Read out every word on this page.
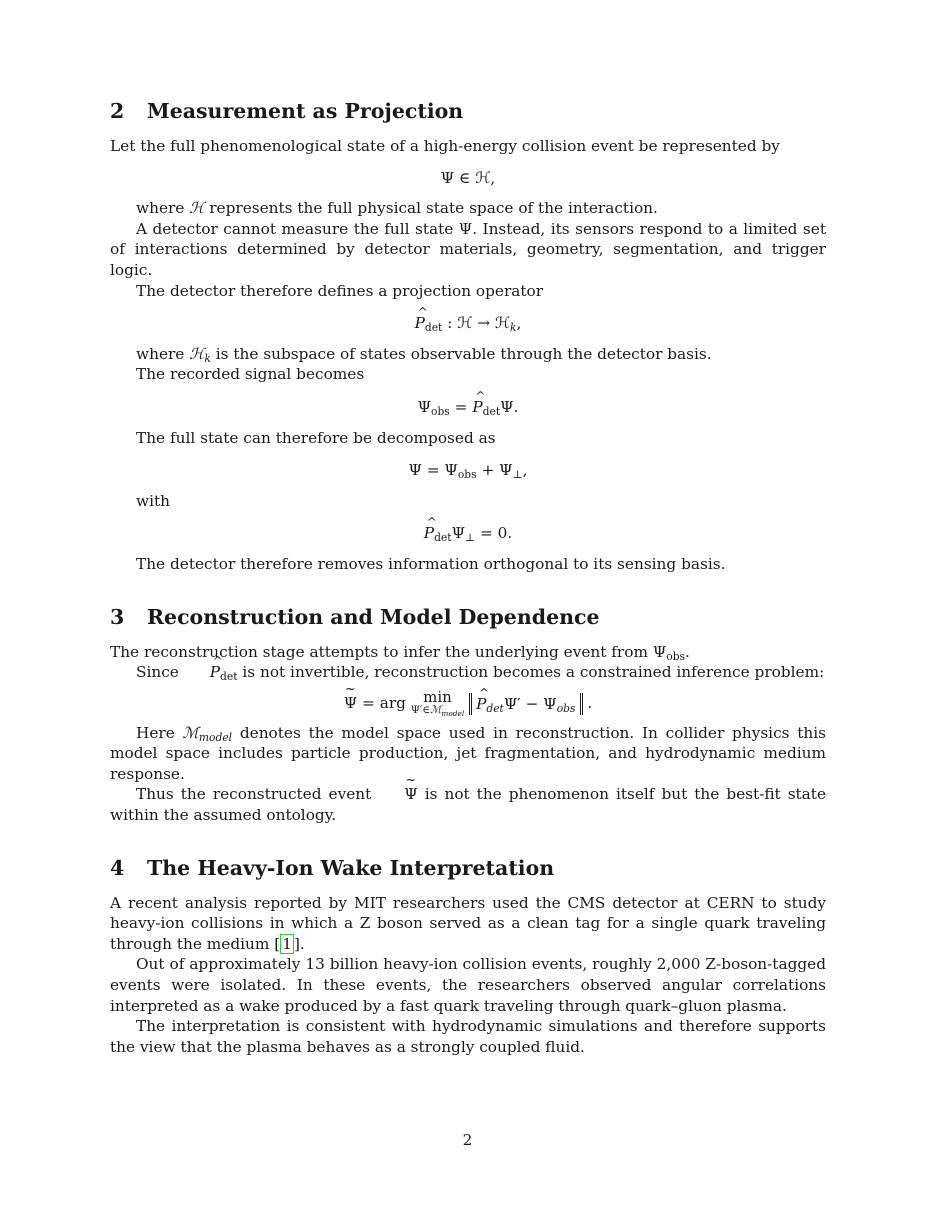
2 Measurement as Projection

Let the full phenomenological state of a high-energy collision event be represented by

Ψ ∈ ℋ,

where ℋ represents the full physical state space of the interaction.

A detector cannot measure the full state Ψ. Instead, its sensors respond to a limited set of interactions determined by detector materials, geometry, segmentation, and trigger logic.

The detector therefore defines a projection operator

^ $P_{det}$ : ℋ → ℋ$_k$,

where ℋ$_k$ is the subspace of states observable through the detector basis.

The recorded signal becomes

$\Psi_{obs}$ = ^ $P_{det}\Psi$.

The full state can therefore be decomposed as

$\Psi = \Psi_{obs} + \Psi_\perp$,

with

^ $P_{det}\Psi_\perp = 0$.

The detector therefore removes information orthogonal to its sensing basis.

3 Reconstruction and Model Dependence

The reconstruction stage attempts to infer the underlying event from $\Psi_{obs}$.

Since ^ $P_{det}$ is not invertible, reconstruction becomes a constrained inference problem:

~ Ψ = arg min
Ψ′∈ℳ$_{model}$
^ $P_{det}\Psi' - \Psi_{obs}$ .

Here ℳ$_{model}$ denotes the model space used in reconstruction. In collider physics this model space includes particle production, jet fragmentation, and hydrodynamic medium response.

Thus the reconstructed event ~ Ψ is not the phenomenon itself but the best-fit state within the assumed ontology.

4 The Heavy-Ion Wake Interpretation

A recent analysis reported by MIT researchers used the CMS detector at CERN to study heavy-ion collisions in which a Z boson served as a clean tag for a single quark traveling through the medium [ 1 ].

Out of approximately 13 billion heavy-ion collision events, roughly 2,000 Z-boson-tagged events were isolated. In these events, the researchers observed angular correlations interpreted as a wake produced by a fast quark traveling through quark–gluon plasma.

The interpretation is consistent with hydrodynamic simulations and therefore supports the view that the plasma behaves as a strongly coupled fluid.

2
